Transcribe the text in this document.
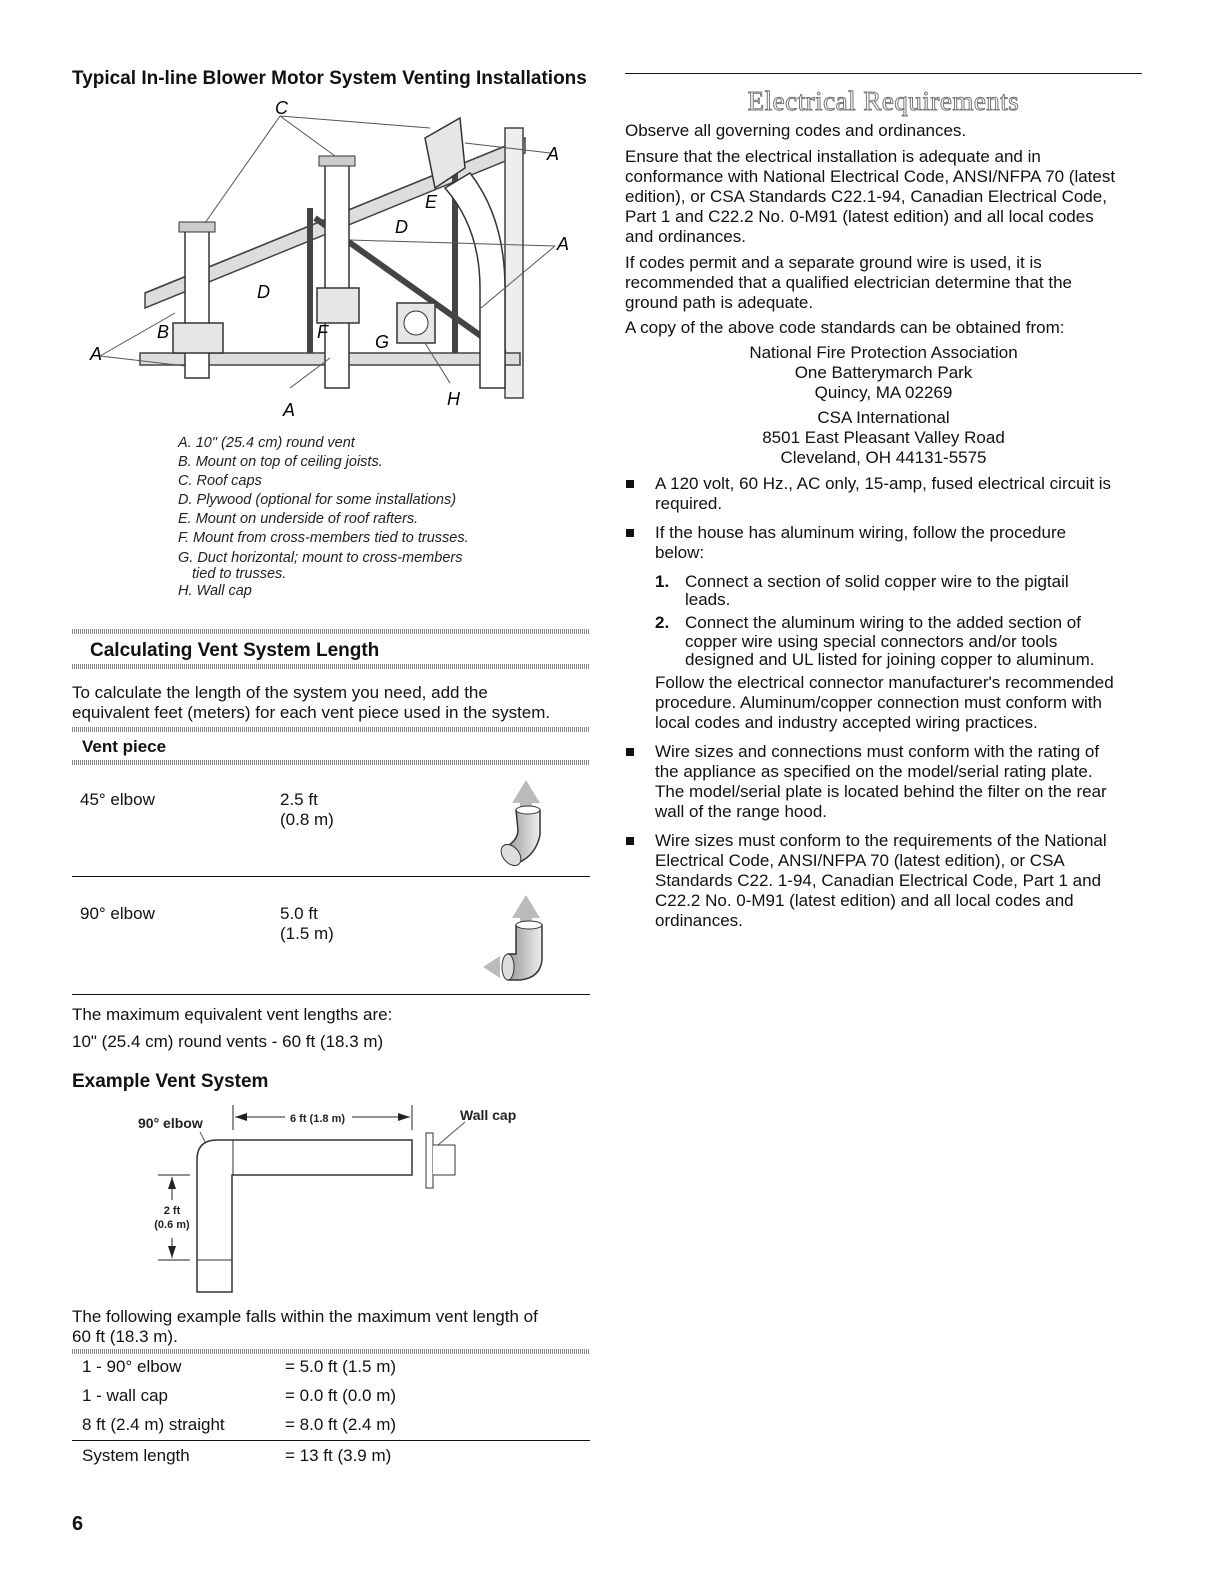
Typical In-line Blower Motor System Venting Installations
C
A
E
D
A
D
B	F	G
A
H
A
A. 10" (25.4 cm) round vent
B. Mount on top of ceiling joists.
C. Roof caps
D. Plywood (optional for some installations)
E. Mount on underside of roof rafters.
F. Mount from cross-members tied to trusses.
G. Duct horizontal; mount to cross-members
tied to trusses.
H. Wall cap
Calculating Vent System Length
To calculate the length of the system you need, add the
equivalent feet (meters) for each vent piece used in the system.
Vent piece
45° elbow	2.5 ft
(0.8 m)
90° elbow	5.0 ft
(1.5 m)
The maximum equivalent vent lengths are:
10" (25.4 cm) round vents - 60 ft (18.3 m)
Example Vent System
90° elbow	6 ft (1.8 m)	Wall cap
2 ft
(0.6 m)
The following example falls within the maximum vent length of
60 ft (18.3 m).
1 - 90° elbow	= 5.0 ft (1.5 m)
1 - wall cap	= 0.0 ft (0.0 m)
8 ft (2.4 m) straight	= 8.0 ft (2.4 m)
System length	= 13 ft (3.9 m)
6
Electrical Requirements
Observe all governing codes and ordinances.
Ensure that the electrical installation is adequate and in
conformance with National Electrical Code, ANSI/NFPA 70 (latest
edition), or CSA Standards C22.1-94, Canadian Electrical Code,
Part 1 and C22.2 No. 0-M91 (latest edition) and all local codes
and ordinances.
If codes permit and a separate ground wire is used, it is
recommended that a qualified electrician determine that the
ground path is adequate.
A copy of the above code standards can be obtained from:
National Fire Protection Association
One Batterymarch Park
Quincy, MA 02269
CSA International
8501 East Pleasant Valley Road
Cleveland, OH 44131-5575
A 120 volt, 60 Hz., AC only, 15-amp, fused electrical circuit is
required.
If the house has aluminum wiring, follow the procedure
below:
1. Connect a section of solid copper wire to the pigtail
leads.
2. Connect the aluminum wiring to the added section of
copper wire using special connectors and/or tools
designed and UL listed for joining copper to aluminum.
Follow the electrical connector manufacturer's recommended
procedure. Aluminum/copper connection must conform with
local codes and industry accepted wiring practices.
Wire sizes and connections must conform with the rating of
the appliance as specified on the model/serial rating plate.
The model/serial plate is located behind the filter on the rear
wall of the range hood.
Wire sizes must conform to the requirements of the National
Electrical Code, ANSI/NFPA 70 (latest edition), or CSA
Standards C22. 1-94, Canadian Electrical Code, Part 1 and
C22.2 No. 0-M91 (latest edition) and all local codes and
ordinances.
